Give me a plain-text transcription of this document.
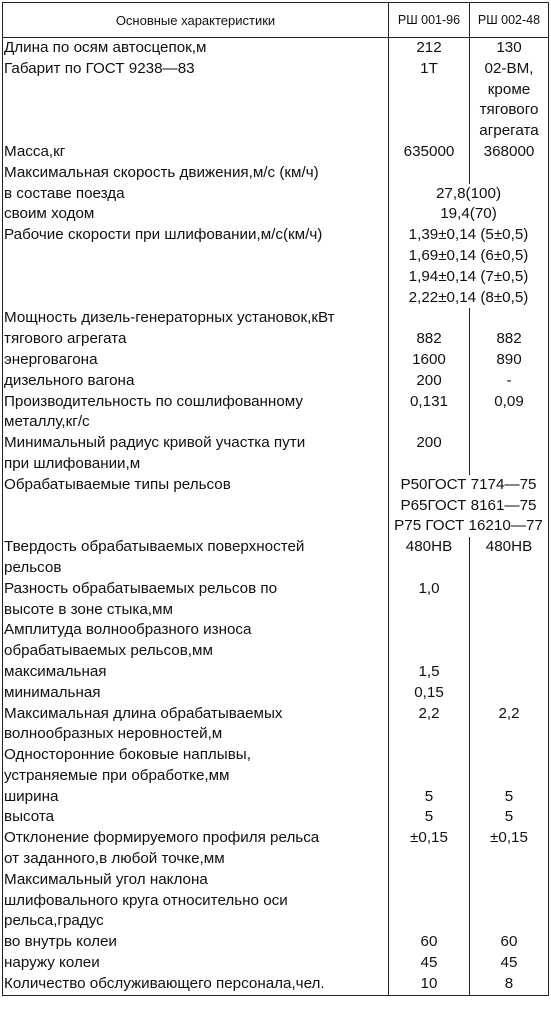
Основные характеристики	РШ 001-96	РШ 002-48
Длина по осям автосцепок,м	212	130
Габарит по ГОСТ 9238—83	1Т	02-ВМ,
		кроме
		тягового
		агрегата
Масса,кг	635000	368000
Максимальная скорость движения,м/с (км/ч)		
в составе поезда	27,8(100)	
своим ходом	19,4(70)	
Рабочие скорости при шлифовании,м/с(км/ч)	1,39±0,14 (5±0,5)	
	1,69±0,14 (6±0,5)	
	1,94±0,14 (7±0,5)	
	2,22±0,14 (8±0,5)	
Мощность дизель-генераторных установок,кВт		
тягового агрегата	882	882
энерговагона	1600	890
дизельного вагона	200	-
Производительность по сошлифованному	0,131	0,09
металлу,кг/с		
Минимальный радиус кривой участка пути	200	
при шлифовании,м		
Обрабатываемые типы рельсов	Р50ГОСТ 7174—75	
	Р65ГОСТ 8161—75	
	Р75 ГОСТ 16210—77	
Твердость обрабатываемых поверхностей	480НВ	480НВ
рельсов		
Разность обрабатываемых рельсов по	1,0	
высоте в зоне стыка,мм		
Амплитуда волнообразного износа		
обрабатываемых рельсов,мм		
максимальная	1,5	
минимальная	0,15	
Максимальная длина обрабатываемых	2,2	2,2
волнообразных неровностей,м		
Односторонние боковые наплывы,		
устраняемые при обработке,мм		
ширина	5	5
высота	5	5
Отклонение формируемого профиля рельса	±0,15	±0,15
от заданного,в любой точке,мм		
Максимальный угол наклона		
шлифовального круга относительно оси		
рельса,градус		
во внутрь колеи	60	60
наружу колеи	45	45
Количество обслуживающего персонала,чел.	10	8
